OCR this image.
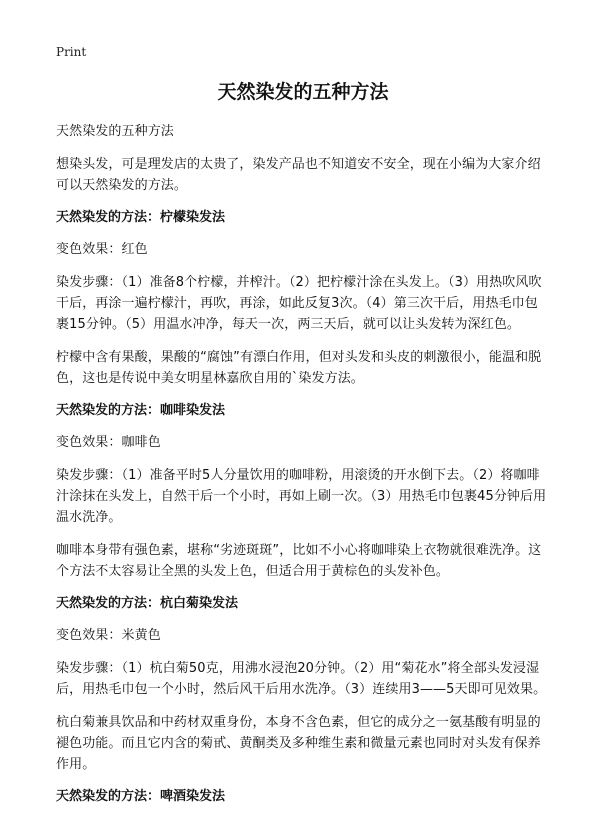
Print
天然染发的五种方法
天然染发的五种方法
想染头发，可是理发店的太贵了，染发产品也不知道安不安全，现在小编为大家介绍可以天然染发的方法。
天然染发的方法：柠檬染发法
变色效果：红色
染发步骤：（1）准备8个柠檬，并榨汁。（2）把柠檬汁涂在头发上。（3）用热吹风吹干后，再涂一遍柠檬汁，再吹，再涂，如此反复3次。（4）第三次干后，用热毛巾包裹15分钟。（5）用温水冲净，每天一次，两三天后，就可以让头发转为深红色。
柠檬中含有果酸，果酸的“腐蚀”有漂白作用，但对头发和头皮的刺激很小，能温和脱色，这也是传说中美女明星林嘉欣自用的`染发方法。
天然染发的方法：咖啡染发法
变色效果：咖啡色
染发步骤：（1）准备平时5人分量饮用的咖啡粉，用滚烫的开水倒下去。（2）将咖啡汁涂抹在头发上，自然干后一个小时，再如上刷一次。（3）用热毛巾包裹45分钟后用温水洗净。
咖啡本身带有强色素，堪称“劣迹斑斑”，比如不小心将咖啡染上衣物就很难洗净。这个方法不太容易让全黑的头发上色，但适合用于黄棕色的头发补色。
天然染发的方法：杭白菊染发法
变色效果：米黄色
染发步骤：（1）杭白菊50克，用沸水浸泡20分钟。（2）用“菊花水”将全部头发浸湿后，用热毛巾包一个小时，然后风干后用水洗净。（3）连续用3——5天即可见效果。
杭白菊兼具饮品和中药材双重身份，本身不含色素，但它的成分之一氨基酸有明显的褪色功能。而且它内含的菊甙、黄酮类及多种维生素和微量元素也同时对头发有保养作用。
天然染发的方法：啤酒染发法
